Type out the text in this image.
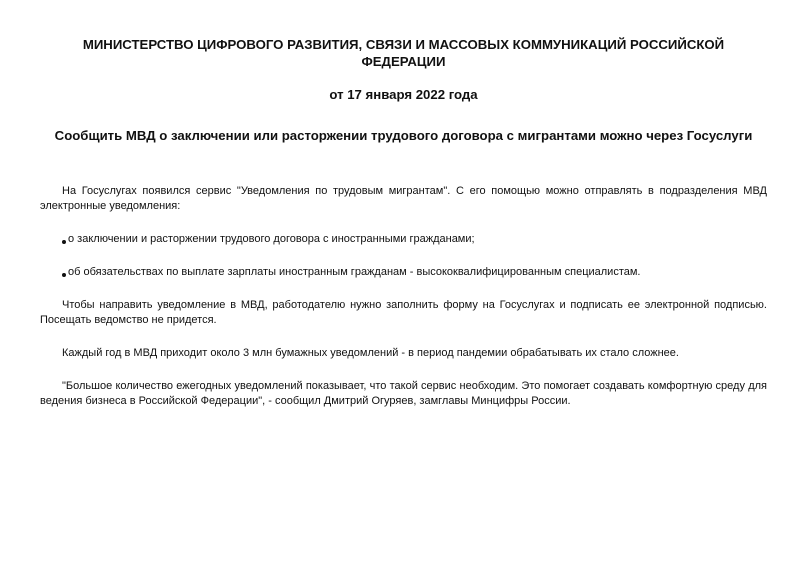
МИНИСТЕРСТВО ЦИФРОВОГО РАЗВИТИЯ, СВЯЗИ И МАССОВЫХ КОММУНИКАЦИЙ РОССИЙСКОЙ ФЕДЕРАЦИИ

от 17 января 2022 года

Сообщить МВД о заключении или расторжении трудового договора с мигрантами можно через Госуслуги

На Госуслугах появился сервис "Уведомления по трудовым мигрантам". С его помощью можно отправлять в подразделения МВД электронные уведомления:

о заключении и расторжении трудового договора с иностранными гражданами;
об обязательствах по выплате зарплаты иностранным гражданам - высококвалифицированным специалистам.

Чтобы направить уведомление в МВД, работодателю нужно заполнить форму на Госуслугах и подписать ее электронной подписью. Посещать ведомство не придется.

Каждый год в МВД приходит около 3 млн бумажных уведомлений - в период пандемии обрабатывать их стало сложнее.

"Большое количество ежегодных уведомлений показывает, что такой сервис необходим. Это помогает создавать комфортную среду для ведения бизнеса в Российской Федерации", - сообщил Дмитрий Огуряев, замглавы Минцифры России.
